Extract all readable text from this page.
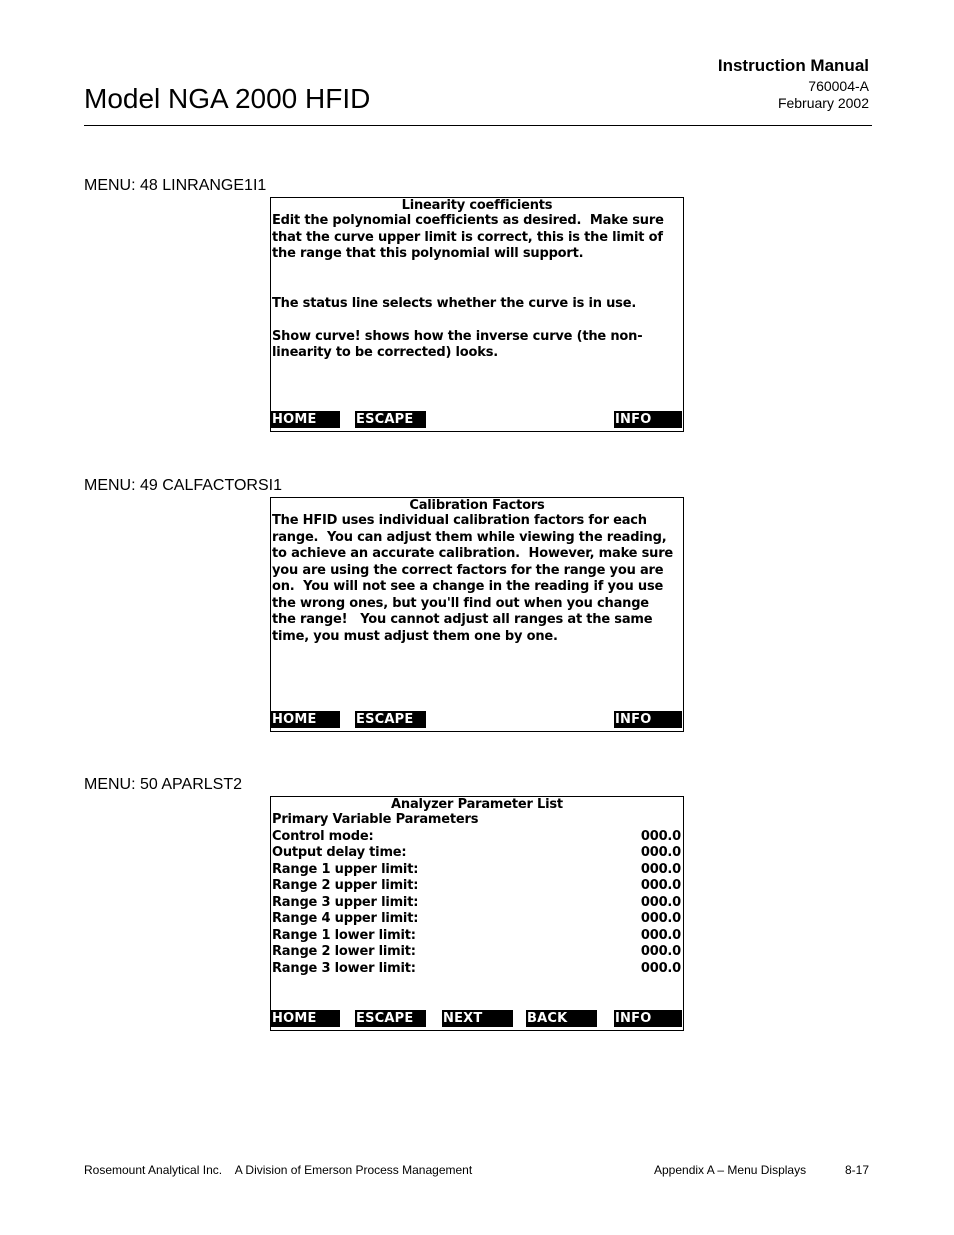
Instruction Manual
760004-A
February 2002
Model NGA 2000 HFID
MENU: 48 LINRANGE1I1
Linearity coefficients
Edit the polynomial coefficients as desired.  Make sure
that the curve upper limit is correct, this is the limit of
the range that this polynomial will support.

The status line selects whether the curve is in use.

Show curve! shows how the inverse curve (the non-
linearity to be corrected) looks.
HOME	ESCAPE	INFO
MENU: 49 CALFACTORSI1
Calibration Factors
The HFID uses individual calibration factors for each
range.  You can adjust them while viewing the reading,
to achieve an accurate calibration.  However, make sure
you are using the correct factors for the range you are
on.  You will not see a change in the reading if you use
the wrong ones, but you'll find out when you change
the range!   You cannot adjust all ranges at the same
time, you must adjust them one by one.
HOME	ESCAPE	INFO
MENU: 50 APARLST2
Analyzer Parameter List
Primary Variable Parameters
Control mode:	000.0
Output delay time:	000.0
Range 1 upper limit:	000.0
Range 2 upper limit:	000.0
Range 3 upper limit:	000.0
Range 4 upper limit:	000.0
Range 1 lower limit:	000.0
Range 2 lower limit:	000.0
Range 3 lower limit:	000.0
HOME	ESCAPE	NEXT	BACK	INFO
Rosemount Analytical Inc.    A Division of Emerson Process Management	Appendix A – Menu Displays	8-17
